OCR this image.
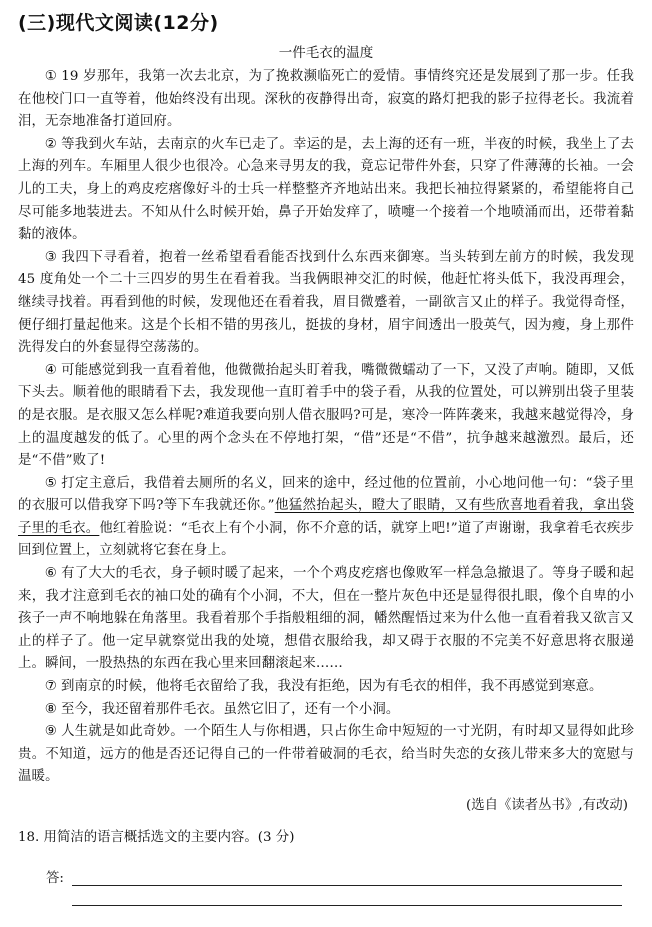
(三)现代文阅读(12分)
一件毛衣的温度

① 19 岁那年，我第一次去北京，为了挽救濒临死亡的爱情。事情终究还是发展到了那一步。任我在他校门口一直等着，他始终没有出现。深秋的夜静得出奇，寂寞的路灯把我的影子拉得老长。我流着泪，无奈地准备打道回府。

② 等我到火车站，去南京的火车已走了。幸运的是，去上海的还有一班，半夜的时候，我坐上了去上海的列车。车厢里人很少也很冷。心急来寻男友的我，竟忘记带件外套，只穿了件薄薄的长袖。一会儿的工夫，身上的鸡皮疙瘩像好斗的士兵一样整整齐齐地站出来。我把长袖拉得紧紧的，希望能将自己尽可能多地装进去。不知从什么时候开始，鼻子开始发痒了，喷嚏一个接着一个地喷涌而出，还带着黏黏的液体。

③ 我四下寻看着，抱着一丝希望看看能否找到什么东西来御寒。当头转到左前方的时候，我发现 45 度角处一个二十三四岁的男生在看着我。当我俩眼神交汇的时候，他赶忙将头低下，我没再理会，继续寻找着。再看到他的时候，发现他还在看着我，眉目微蹙着，一副欲言又止的样子。我觉得奇怪，便仔细打量起他来。这是个长相不错的男孩儿，挺拔的身材，眉宇间透出一股英气，因为瘦，身上那件洗得发白的外套显得空荡荡的。

④ 可能感觉到我一直看着他，他微微抬起头盯着我，嘴微微蠕动了一下，又没了声响。随即，又低下头去。顺着他的眼睛看下去，我发现他一直盯着手中的袋子看，从我的位置处，可以辨别出袋子里装的是衣服。是衣服又怎么样呢?难道我要向别人借衣服吗?可是，寒冷一阵阵袭来，我越来越觉得冷，身上的温度越发的低了。心里的两个念头在不停地打架，“借”还是“不借”，抗争越来越激烈。最后，还是“不借”败了!

⑤ 打定主意后，我借着去厕所的名义，回来的途中，经过他的位置前，小心地问他一句：“袋子里的衣服可以借我穿下吗?等下车我就还你。”他猛然抬起头，瞪大了眼睛，又有些欣喜地看着我，拿出袋子里的毛衣。他红着脸说：“毛衣上有个小洞，你不介意的话，就穿上吧!”道了声谢谢，我拿着毛衣疾步回到位置上，立刻就将它套在身上。

⑥ 有了大大的毛衣，身子顿时暖了起来，一个个鸡皮疙瘩也像败军一样急急撤退了。等身子暖和起来，我才注意到毛衣的袖口处的确有个小洞，不大，但在一整片灰色中还是显得很扎眼，像个自卑的小孩子一声不响地躲在角落里。我看着那个手指般粗细的洞，幡然醒悟过来为什么他一直看着我又欲言又止的样子了。他一定早就察觉出我的处境，想借衣服给我，却又碍于衣服的不完美不好意思将衣服递上。瞬间，一股热热的东西在我心里来回翻滚起来……

⑦ 到南京的时候，他将毛衣留给了我，我没有拒绝，因为有毛衣的相伴，我不再感觉到寒意。

⑧ 至今，我还留着那件毛衣。虽然它旧了，还有一个小洞。

⑨ 人生就是如此奇妙。一个陌生人与你相遇，只占你生命中短短的一寸光阴，有时却又显得如此珍贵。不知道，远方的他是否还记得自己的一件带着破洞的毛衣，给当时失恋的女孩儿带来多大的宽慰与温暖。

(选自《读者丛书》,有改动)
18. 用简洁的语言概括选文的主要内容。(3 分)
答:
